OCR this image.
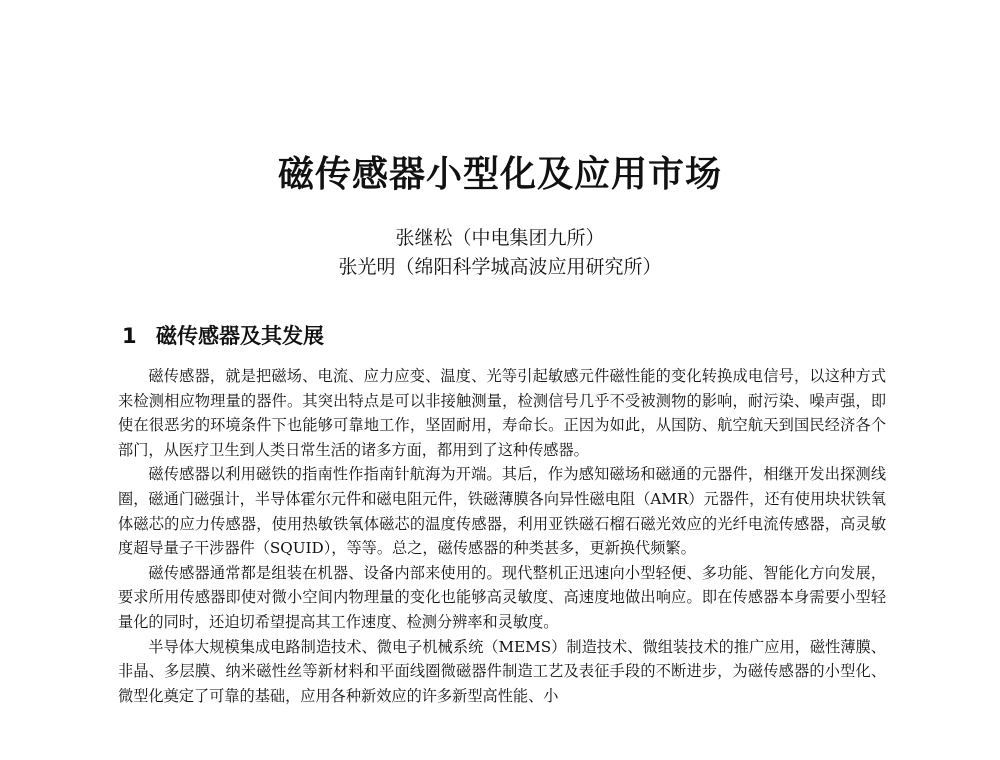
磁传感器小型化及应用市场
张继松（中电集团九所）
张光明（绵阳科学城高波应用研究所）
1 磁传感器及其发展

磁传感器，就是把磁场、电流、应力应变、温度、光等引起敏感元件磁性能的变化转换成电信号，以这种方式来检测相应物理量的器件。其突出特点是可以非接触测量，检测信号几乎不受被测物的影响，耐污染、噪声强，即使在很恶劣的环境条件下也能够可靠地工作，坚固耐用，寿命长。正因为如此，从国防、航空航天到国民经济各个部门，从医疗卫生到人类日常生活的诸多方面，都用到了这种传感器。

磁传感器以利用磁铁的指南性作指南针航海为开端。其后，作为感知磁场和磁通的元器件，相继开发出探测线圈，磁通门磁强计，半导体霍尔元件和磁电阻元件，铁磁薄膜各向异性磁电阻（AMR）元器件，还有使用块状铁氧体磁芯的应力传感器，使用热敏铁氧体磁芯的温度传感器，利用亚铁磁石榴石磁光效应的光纤电流传感器，高灵敏度超导量子干涉器件（SQUID），等等。总之，磁传感器的种类甚多，更新换代频繁。

磁传感器通常都是组装在机器、设备内部来使用的。现代整机正迅速向小型轻便、多功能、智能化方向发展，要求所用传感器即使对微小空间内物理量的变化也能够高灵敏度、高速度地做出响应。即在传感器本身需要小型轻量化的同时，还迫切希望提高其工作速度、检测分辨率和灵敏度。

半导体大规模集成电路制造技术、微电子机械系统（MEMS）制造技术、微组装技术的推广应用，磁性薄膜、非晶、多层膜、纳米磁性丝等新材料和平面线圈微磁器件制造工艺及表征手段的不断进步，为磁传感器的小型化、微型化奠定了可靠的基础，应用各种新效应的许多新型高性能、小
